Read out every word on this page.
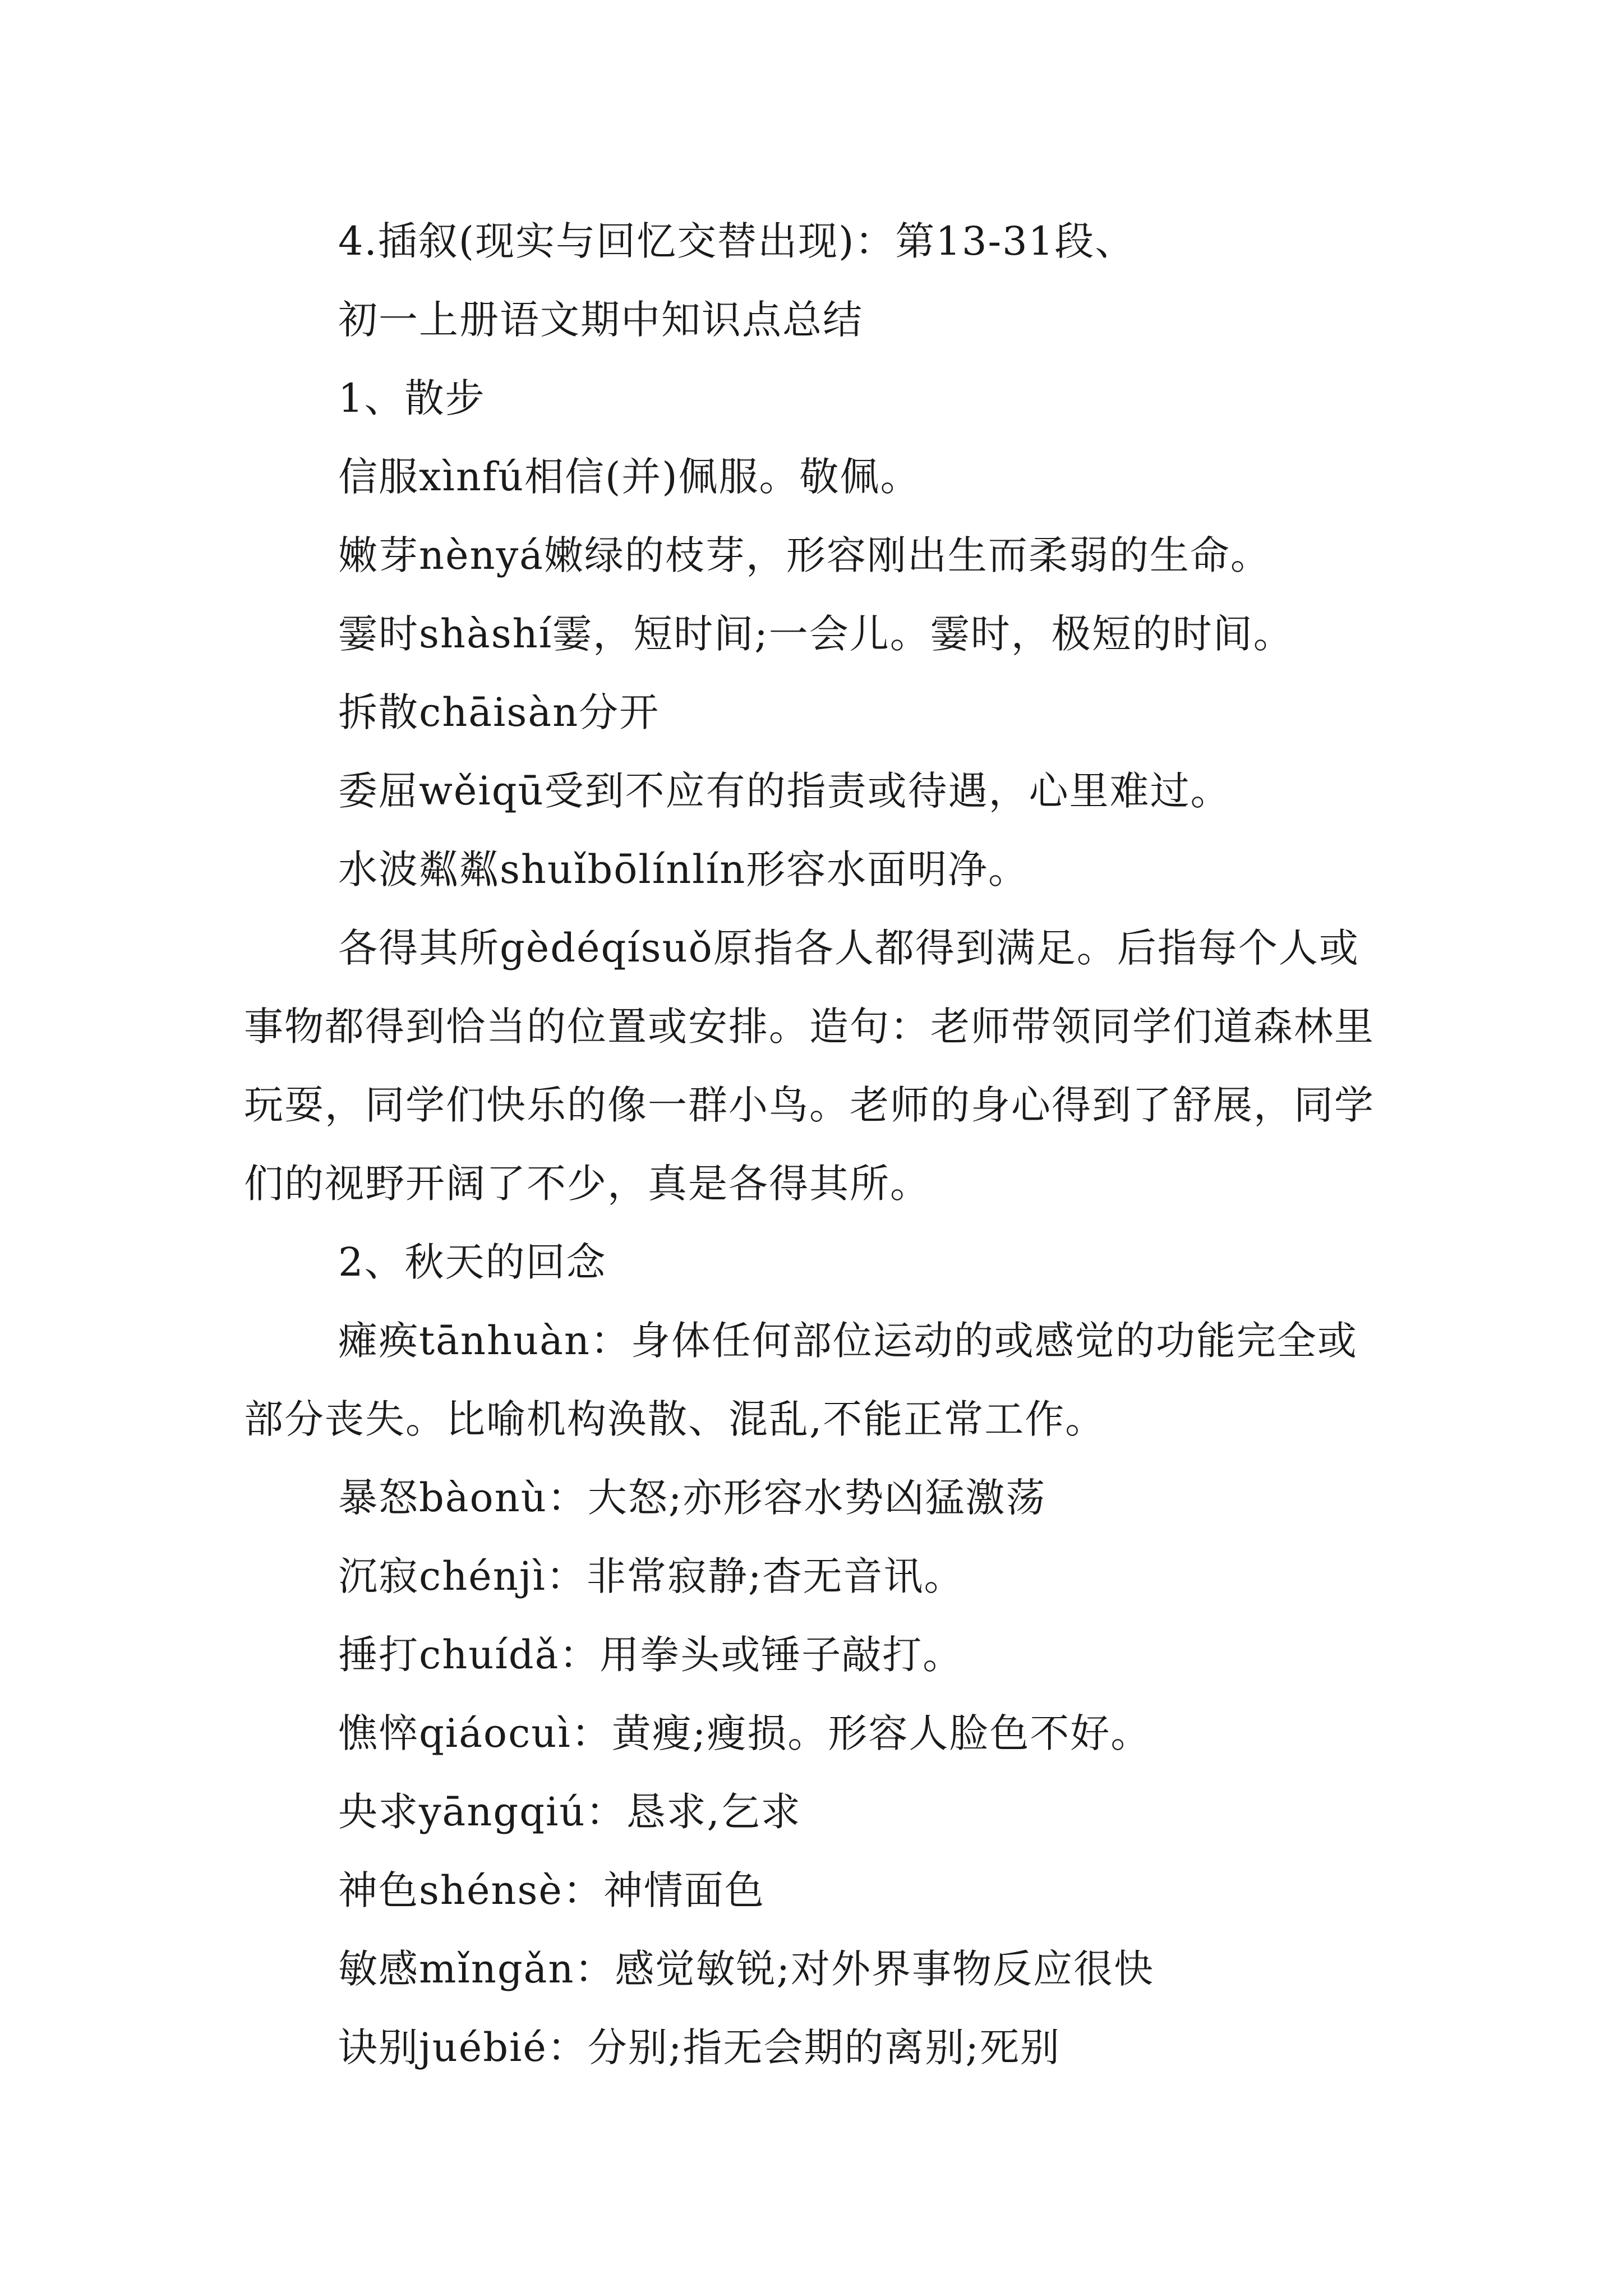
4.插叙(现实与回忆交替出现)：第13-31段、

初一上册语文期中知识点总结

1、散步

信服xìnfú相信(并)佩服。敬佩。

嫩芽nènyá嫩绿的枝芽，形容刚出生而柔弱的生命。

霎时shàshí霎，短时间;一会儿。霎时，极短的时间。

拆散chāisàn分开

委屈wěiqū受到不应有的指责或待遇，心里难过。

水波粼粼shuǐbōlínlín形容水面明净。

各得其所gèdéqísuǒ原指各人都得到满足。后指每个人或事物都得到恰当的位置或安排。造句：老师带领同学们道森林里玩耍，同学们快乐的像一群小鸟。老师的身心得到了舒展，同学们的视野开阔了不少，真是各得其所。

2、秋天的回念

瘫痪tānhuàn：身体任何部位运动的或感觉的功能完全或部分丧失。比喻机构涣散、混乱,不能正常工作。

暴怒bàonù：大怒;亦形容水势凶猛激荡

沉寂chénjì：非常寂静;杳无音讯。

捶打chuídǎ：用拳头或锤子敲打。

憔悴qiáocuì：黄瘦;瘦损。形容人脸色不好。

央求yāngqiú：恳求,乞求

神色shénsè：神情面色

敏感mǐngǎn：感觉敏锐;对外界事物反应很快

诀别juébié：分别;指无会期的离别;死别
